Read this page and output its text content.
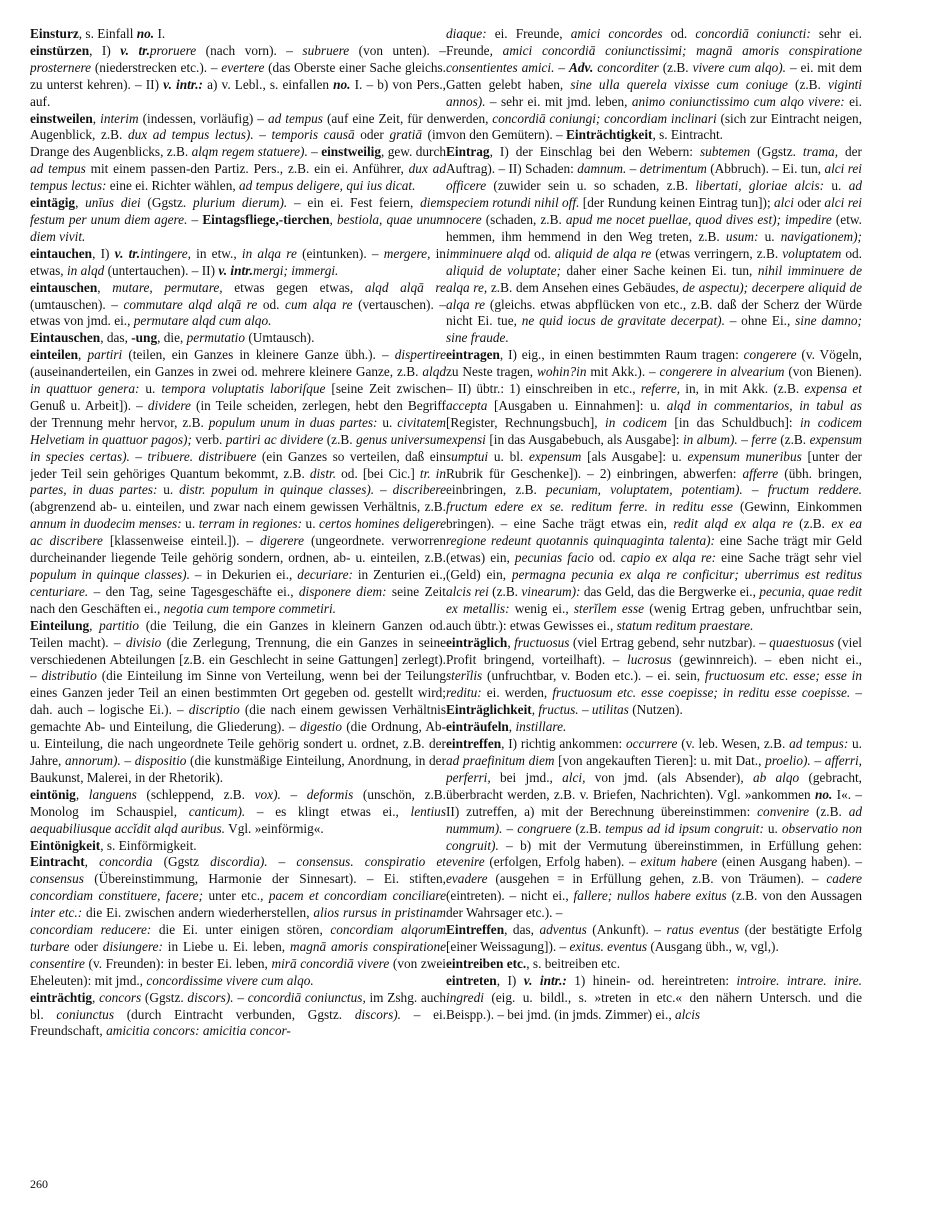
Einsturz, s. Einfall no. I.

einstürzen, I) v. tr.proruere (nach vorn). – subruere (von unten). – prosternere (niederstrecken etc.). – evertere (das Oberste einer Sache gleichs. zu unterst kehren). – II) v. intr.: a) v. Lebl., s. einfallen no. I. – b) von Pers., auf.

einstweilen, interim (indessen, vorläufig) – ad tempus (auf eine Zeit, für den Augenblick, z.B. dux ad tempus lectus). – temporis causā oder gratiā (im Drange des Augenblicks, z.B. alqm regem statuere). – einstweilig, gew. durch ad tempus mit einem passen-den Partiz. Pers., z.B. ein ei. Anführer, dux ad tempus lectus: eine ei. Richter wählen, ad tempus deligere, qui ius dicat.

eintägig, unīus diei (Ggstz. plurium dierum). – ein ei. Fest feiern, diem festum per unum diem agere. – Eintagsfliege,-tierchen, bestiola, quae unum diem vivit.

eintauchen, I) v. tr.intingere, in etw., in alqa re (eintunken). – mergere, in etwas, in alqd (untertauchen). – II) v. intr.mergi; immergi.

eintauschen, mutare, permutare, etwas gegen etwas, alqd alqā re (umtauschen). – commutare alqd alqā re od. cum alqa re (vertauschen). – etwas von jmd. ei., permutare alqd cum alqo.

Eintauschen, das, -ung, die, permutatio (Umtausch).

einteilen, partiri (teilen, ein Ganzes in kleinere Ganze übh.). – dispertire (auseinanderteilen, ein Ganzes in zwei od. mehrere kleinere Ganze, z.B. alqd in quattuor genera: u. tempora voluptatis laboriſque [seine Zeit zwischen Genuß u. Arbeit]). – dividere (in Teile scheiden, zerlegen, hebt den Begriff der Trennung mehr hervor, z.B. populum unum in duas partes: u. civitatem Helvetiam in quattuor pagos); verb. partiri ac dividere (z.B. genus universum in species certas). – tribuere. distribuere (ein Ganzes so verteilen, daß ein jeder Teil sein gehöriges Quantum bekommt, z.B. distr. od. [bei Cic.] tr. in partes, in duas partes: u. distr. populum in quinque classes). – discribere (abgrenzend ab- u. einteilen, und zwar nach einem gewissen Verhältnis, z.B. annum in duodecim menses: u. terram in regiones: u. certos homines deligere ac discribere [klassenweise einteil.]). – digerere (ungeordnete. verworren durcheinander liegende Teile gehörig sondern, ordnen, ab- u. einteilen, z.B. populum in quinque classes). – in Dekurien ei., decuriare: in Zenturien ei., centuriare. – den Tag, seine Tagesgeschäfte ei., disponere diem: seine Zeit nach den Geschäften ei., negotia cum tempore commetiri.

Einteilung, partitio (die Teilung, die ein Ganzes in kleinern Ganzen od. Teilen macht). – divisio (die Zerlegung, Trennung, die ein Ganzes in seine verschiedenen Abteilungen [z.B. ein Geschlecht in seine Gattungen] zerlegt). – distributio (die Einteilung im Sinne von Verteilung, wenn bei der Teilung eines Ganzen jeder Teil an einen bestimmten Ort gegeben od. gestellt wird; dah. auch – logische Ei.). – discriptio (die nach einem gewissen Verhältnis gemachte Ab- und Einteilung, die Gliederung). – digestio (die Ordnung, Ab- u. Einteilung, die nach ungeordnete Teile gehörig sondert u. ordnet, z.B. der Jahre, annorum). – dispositio (die kunstmäßige Einteilung, Anordnung, in der Baukunst, Malerei, in der Rhetorik).

eintönig, languens (schleppend, z.B. vox). – deformis (unschön, z.B. Monolog im Schauspiel, canticum). – es klingt etwas ei., lentius aequabiliusque accĭdit alqd auribus. Vgl. »einförmig«.

Eintönigkeit, s. Einförmigkeit.

Eintracht, concordia (Ggstz discordia). – consensus. conspiratio et consensus (Übereinstimmung, Harmonie der Sinnesart). – Ei. stiften, concordiam constituere, facere; unter etc., pacem et concordiam conciliare inter etc.: die Ei. zwischen andern wiederherstellen, alios rursus in pristinam concordiam reducere: die Ei. unter einigen stören, concordiam alqorum turbare oder disiungere: in Liebe u. Ei. leben, magnā amoris conspiratione consentire (v. Freunden): in bester Ei. leben, mirā concordiā vivere (von zwei Eheleuten): mit jmd., concordissime vivere cum alqo.

einträchtig, concors (Ggstz. discors). – concordiā coniunctus, im Zshg. auch bl. coniunctus (durch Eintracht verbunden, Ggstz. discors). – ei. Freundschaft, amicitia concors: amicitia concor-

diaque: ei. Freunde, amici concordes od. concordiā coniuncti: sehr ei. Freunde, amici concordiā coniunctissimi; magnā amoris conspiratione consentientes amici. – Adv. concorditer (z.B. vivere cum alqo). – ei. mit dem Gatten gelebt haben, sine ulla querela vixisse cum coniuge (z.B. viginti annos). – sehr ei. mit jmd. leben, animo coniunctissimo cum alqo vivere: ei. werden, concordiā coniungi; concordiam inclinari (sich zur Eintracht neigen, von den Gemütern). – Einträchtigkeit, s. Eintracht.

Eintrag, I) der Einschlag bei den Webern: subtemen (Ggstz. trama, der Auftrag). – II) Schaden: damnum. – detrimentum (Abbruch). – Ei. tun, alci rei officere (zuwider sein u. so schaden, z.B. libertati, gloriae alcis: u. ad speciem rotundi nihil off. [der Rundung keinen Eintrag tun]); alci oder alci rei nocere (schaden, z.B. apud me nocet puellae, quod dives est); impedire (etw. hemmen, ihm hemmend in den Weg treten, z.B. usum: u. navigationem); imminuere alqd od. aliquid de alqa re (etwas verringern, z.B. voluptatem od. aliquid de voluptate; daher einer Sache keinen Ei. tun, nihil imminuere de alqa re, z.B. dem Ansehen eines Gebäudes, de aspectu); decerpere aliquid de alqa re (gleichs. etwas abpflücken von etc., z.B. daß der Scherz der Würde nicht Ei. tue, ne quid iocus de gravitate decerpat). – ohne Ei., sine damno; sine fraude.

eintragen, I) eig., in einen bestimmten Raum tragen: congerere (v. Vögeln, zu Neste tragen, wohin?in mit Akk.). – congerere in alvearium (von Bienen). – II) übtr.: 1) einschreiben in etc., referre, in, in mit Akk. (z.B. expensa et accepta [Ausgaben u. Einnahmen]: u. alqd in commentarios, in tabul as [Register, Rechnungsbuch], in codicem [in das Schuldbuch]: in codicem expensi [in das Ausgabebuch, als Ausgabe]: in album). – ferre (z.B. expensum sumptui u. bl. expensum [als Ausgabe]: u. expensum muneribus [unter der Rubrik für Geschenke]). – 2) einbringen, abwerfen: afferre (übh. bringen, einbringen, z.B. pecuniam, voluptatem, potentiam). – fructum reddere. fructum edere ex se. reditum ferre. in reditu esse (Gewinn, Einkommen bringen). – eine Sache trägt etwas ein, redit alqd ex alqa re (z.B. ex ea regione redeunt quotannis quinquaginta talenta): eine Sache trägt mir Geld (etwas) ein, pecunias facio od. capio ex alqa re: eine Sache trägt sehr viel (Geld) ein, permagna pecunia ex alqa re conficitur; uberrimus est reditus alcis rei (z.B. vinearum): das Geld, das die Bergwerke ei., pecunia, quae redit ex metallis: wenig ei., sterĭlem esse (wenig Ertrag geben, unfruchtbar sein, auch übtr.): etwas Gewisses ei., statum reditum praestare.

einträglich, fructuosus (viel Ertrag gebend, sehr nutzbar). – quaestuosus (viel Profit bringend, vorteilhaft). – lucrosus (gewinnreich). – eben nicht ei., sterĭlis (unfruchtbar, v. Boden etc.). – ei. sein, fructuosum etc. esse; esse in reditu: ei. werden, fructuosum etc. esse coepisse; in reditu esse coepisse. – Einträglichkeit, fructus. – utilitas (Nutzen).

einträufeln, instillare.

eintreffen, I) richtig ankommen: occurrere (v. leb. Wesen, z.B. ad tempus: u. ad praefinitum diem [von angekauften Tieren]: u. mit Dat., proelio). – afferri, perferri, bei jmd., alci, von jmd. (als Absender), ab alqo (gebracht, überbracht werden, z.B. v. Briefen, Nachrichten). Vgl. »ankommen no. I«. – II) zutreffen, a) mit der Berechnung übereinstimmen: convenire (z.B. ad nummum). – congruere (z.B. tempus ad id ipsum congruit: u. observatio non congruit). – b) mit der Vermutung übereinstimmen, in Erfüllung gehen: evenire (erfolgen, Erfolg haben). – exitum habere (einen Ausgang haben). – evadere (ausgehen = in Erfüllung gehen, z.B. von Träumen). – cadere (eintreten). – nicht ei., fallere; nullos habere exitus (z.B. von den Aussagen der Wahrsager etc.). –

Eintreffen, das, adventus (Ankunft). – ratus eventus (der bestätigte Erfolg [einer Weissagung]). – exitus. eventus (Ausgang übh., w, vgl,).

eintreiben etc., s. beitreiben etc.

eintreten, I) v. intr.: 1) hinein- od. hereintreten: introire. intrare. inire. ingredi (eig. u. bildl., s. »treten in etc.« den nähern Untersch. und die Beispp.). – bei jmd. (in jmds. Zimmer) ei., alcis

260
